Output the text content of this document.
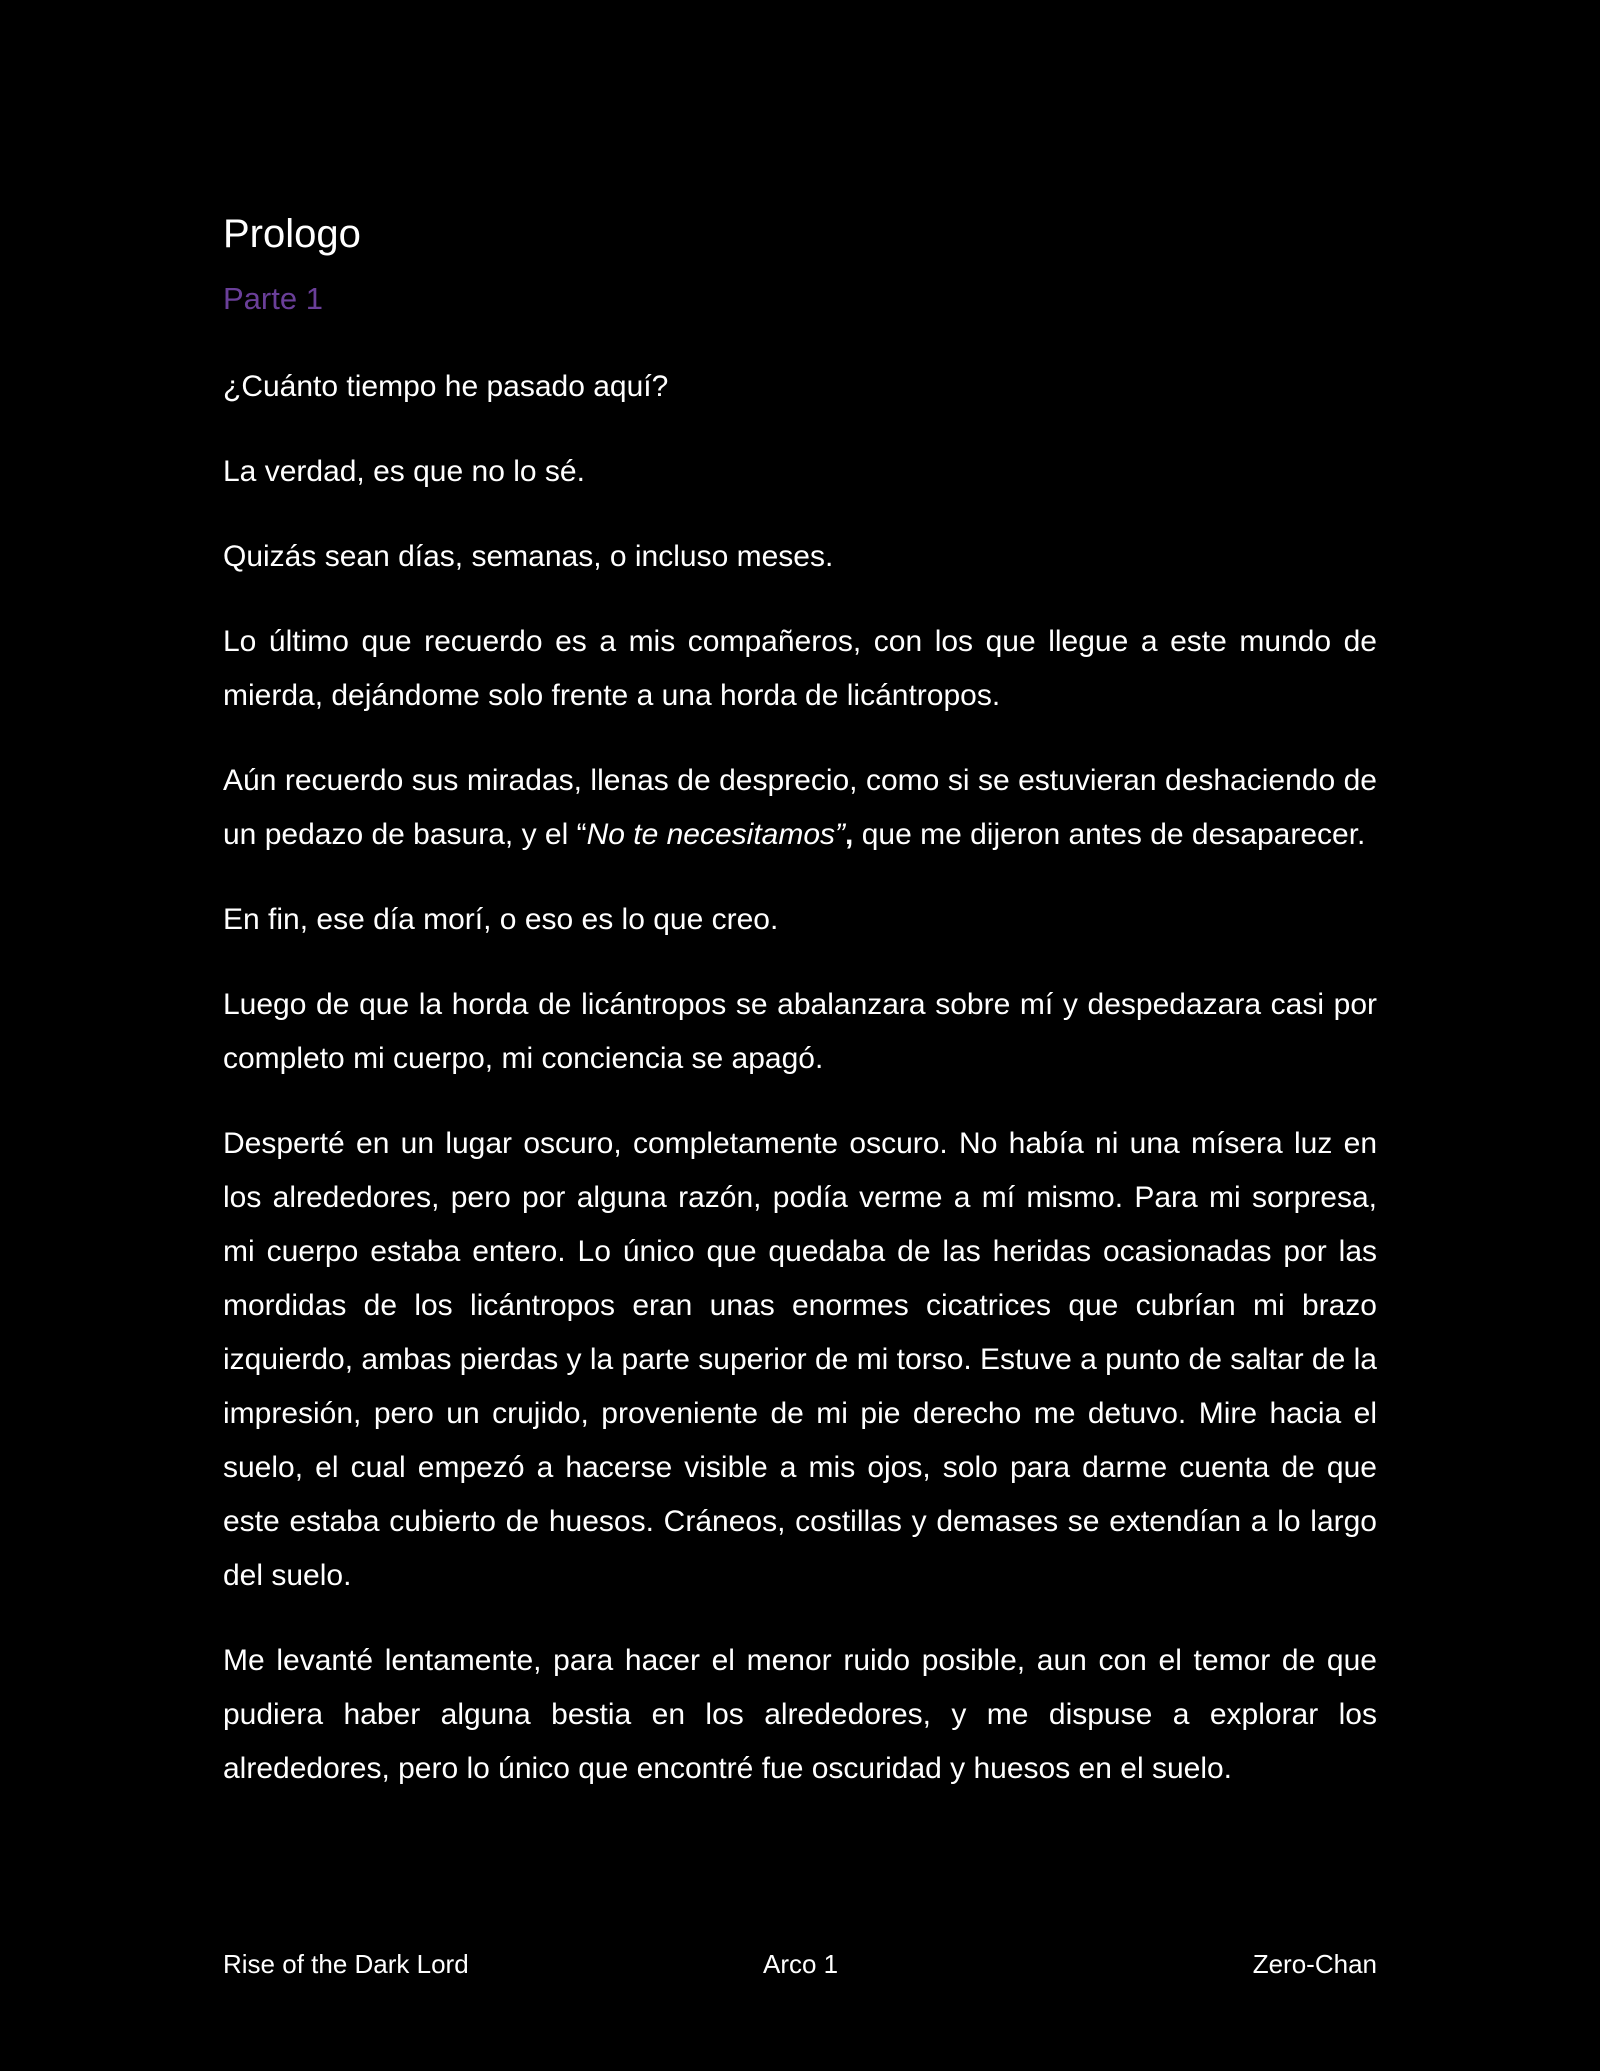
Prologo
Parte 1

¿Cuánto tiempo he pasado aquí?

La verdad, es que no lo sé.

Quizás sean días, semanas, o incluso meses.

Lo último que recuerdo es a mis compañeros, con los que llegue a este mundo de mierda, dejándome solo frente a una horda de licántropos.

Aún recuerdo sus miradas, llenas de desprecio, como si se estuvieran deshaciendo de un pedazo de basura, y el “No te necesitamos”, que me dijeron antes de desaparecer.

En fin, ese día morí, o eso es lo que creo.

Luego de que la horda de licántropos se abalanzara sobre mí y despedazara casi por completo mi cuerpo, mi conciencia se apagó.

Desperté en un lugar oscuro, completamente oscuro. No había ni una mísera luz en los alrededores, pero por alguna razón, podía verme a mí mismo. Para mi sorpresa, mi cuerpo estaba entero. Lo único que quedaba de las heridas ocasionadas por las mordidas de los licántropos eran unas enormes cicatrices que cubrían mi brazo izquierdo, ambas pierdas y la parte superior de mi torso. Estuve a punto de saltar de la impresión, pero un crujido, proveniente de mi pie derecho me detuvo. Mire hacia el suelo, el cual empezó a hacerse visible a mis ojos, solo para darme cuenta de que este estaba cubierto de huesos. Cráneos, costillas y demases se extendían a lo largo del suelo.

Me levanté lentamente, para hacer el menor ruido posible, aun con el temor de que pudiera haber alguna bestia en los alrededores, y me dispuse a explorar los alrededores, pero lo único que encontré fue oscuridad y huesos en el suelo.

Rise of the Dark Lord	Arco 1	Zero-Chan
